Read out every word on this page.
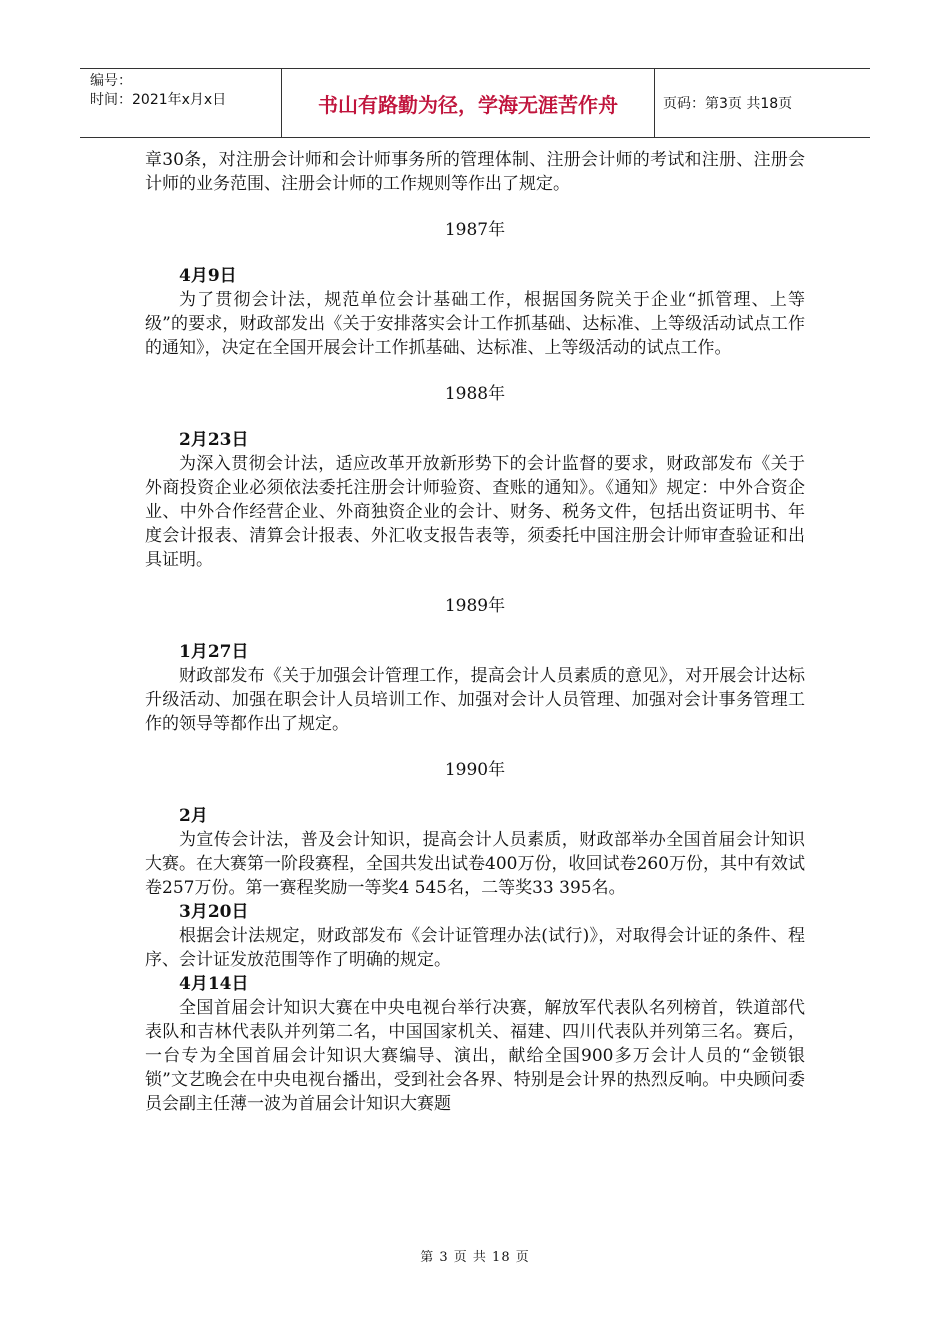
编号：
时间：2021年x月x日	书山有路勤为径，学海无涯苦作舟	页码：第3页 共18页

章30条，对注册会计师和会计师事务所的管理体制、注册会计师的考试和注册、注册会计师的业务范围、注册会计师的工作规则等作出了规定。

1987年

4月9日

为了贯彻会计法，规范单位会计基础工作，根据国务院关于企业“抓管理、上等级”的要求，财政部发出《关于安排落实会计工作抓基础、达标准、上等级活动试点工作的通知》，决定在全国开展会计工作抓基础、达标准、上等级活动的试点工作。

1988年

2月23日

为深入贯彻会计法，适应改革开放新形势下的会计监督的要求，财政部发布《关于外商投资企业必须依法委托注册会计师验资、查账的通知》。《通知》规定：中外合资企业、中外合作经营企业、外商独资企业的会计、财务、税务文件，包括出资证明书、年度会计报表、清算会计报表、外汇收支报告表等，须委托中国注册会计师审查验证和出具证明。

1989年

1月27日

财政部发布《关于加强会计管理工作，提高会计人员素质的意见》，对开展会计达标升级活动、加强在职会计人员培训工作、加强对会计人员管理、加强对会计事务管理工作的领导等都作出了规定。

1990年

2月

为宣传会计法，普及会计知识，提高会计人员素质，财政部举办全国首届会计知识大赛。在大赛第一阶段赛程，全国共发出试卷400万份，收回试卷260万份，其中有效试卷257万份。第一赛程奖励一等奖4 545名，二等奖33 395名。

3月20日

根据会计法规定，财政部发布《会计证管理办法(试行)》，对取得会计证的条件、程序、会计证发放范围等作了明确的规定。

4月14日

全国首届会计知识大赛在中央电视台举行决赛，解放军代表队名列榜首，铁道部代表队和吉林代表队并列第二名，中国国家机关、福建、四川代表队并列第三名。赛后，一台专为全国首届会计知识大赛编导、演出，献给全国900多万会计人员的“金锁银锁”文艺晚会在中央电视台播出，受到社会各界、特别是会计界的热烈反响。中央顾问委员会副主任薄一波为首届会计知识大赛题

第 3 页 共 18 页
